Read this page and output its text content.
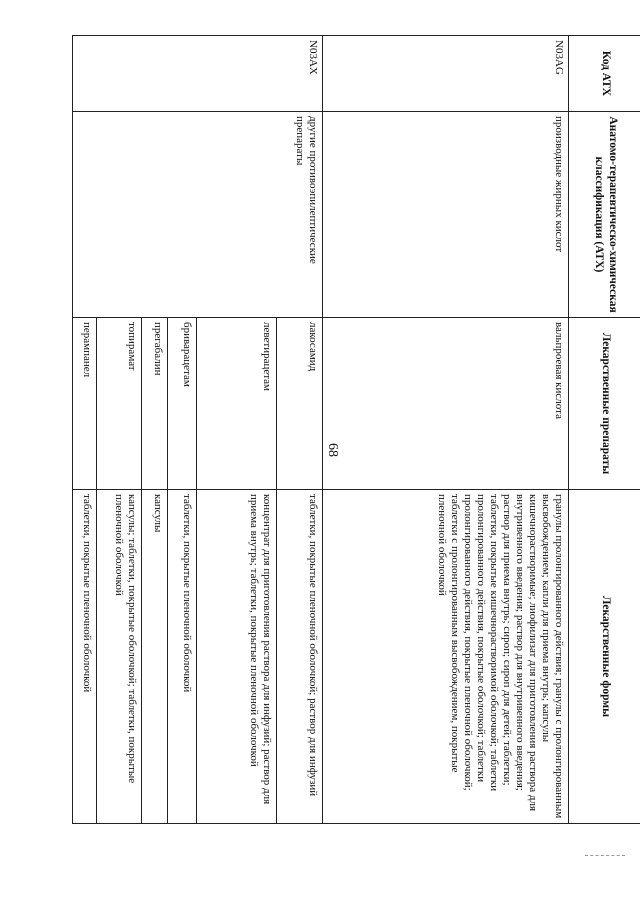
68
Код АТХ	Анатомо-терапевтическо-химическая классификация (АТХ)	Лекарственные препараты	Лекарственные формы
N03AG	производные жирных кислот	вальпроевая кислота	гранулы пролонгированного действия; гранулы с пролонгированным высвобождением; капли для приема внутрь; капсулы кишечнорастворимые; лиофилизат для приготовления раствора для внутривенного введения; раствор для внутривенного введения; раствор для приема внутрь; сироп; сироп для детей; таблетки; таблетки, покрытые кишечнорастворимой оболочкой; таблетки пролонгированного действия, покрытые оболочкой; таблетки пролонгированного действия, покрытые пленочной оболочкой; таблетки с пролонгированным высвобождением, покрытые пленочной оболочкой
N03AX	другие противоэпилептические препараты	лакосамид	таблетки, покрытые пленочной оболочкой; раствор для инфузий
		леветирацетам	концентрат для приготовления раствора для инфузий; раствор для приема внутрь; таблетки, покрытые пленочной оболочкой
		бриварацетам	таблетки, покрытые пленочной оболочкой
		прегабалин	капсулы
		топирамат	капсулы; таблетки, покрытые оболочкой; таблетки, покрытые пленочной оболочкой
		перампанел	таблетки, покрытые пленочной оболочкой
